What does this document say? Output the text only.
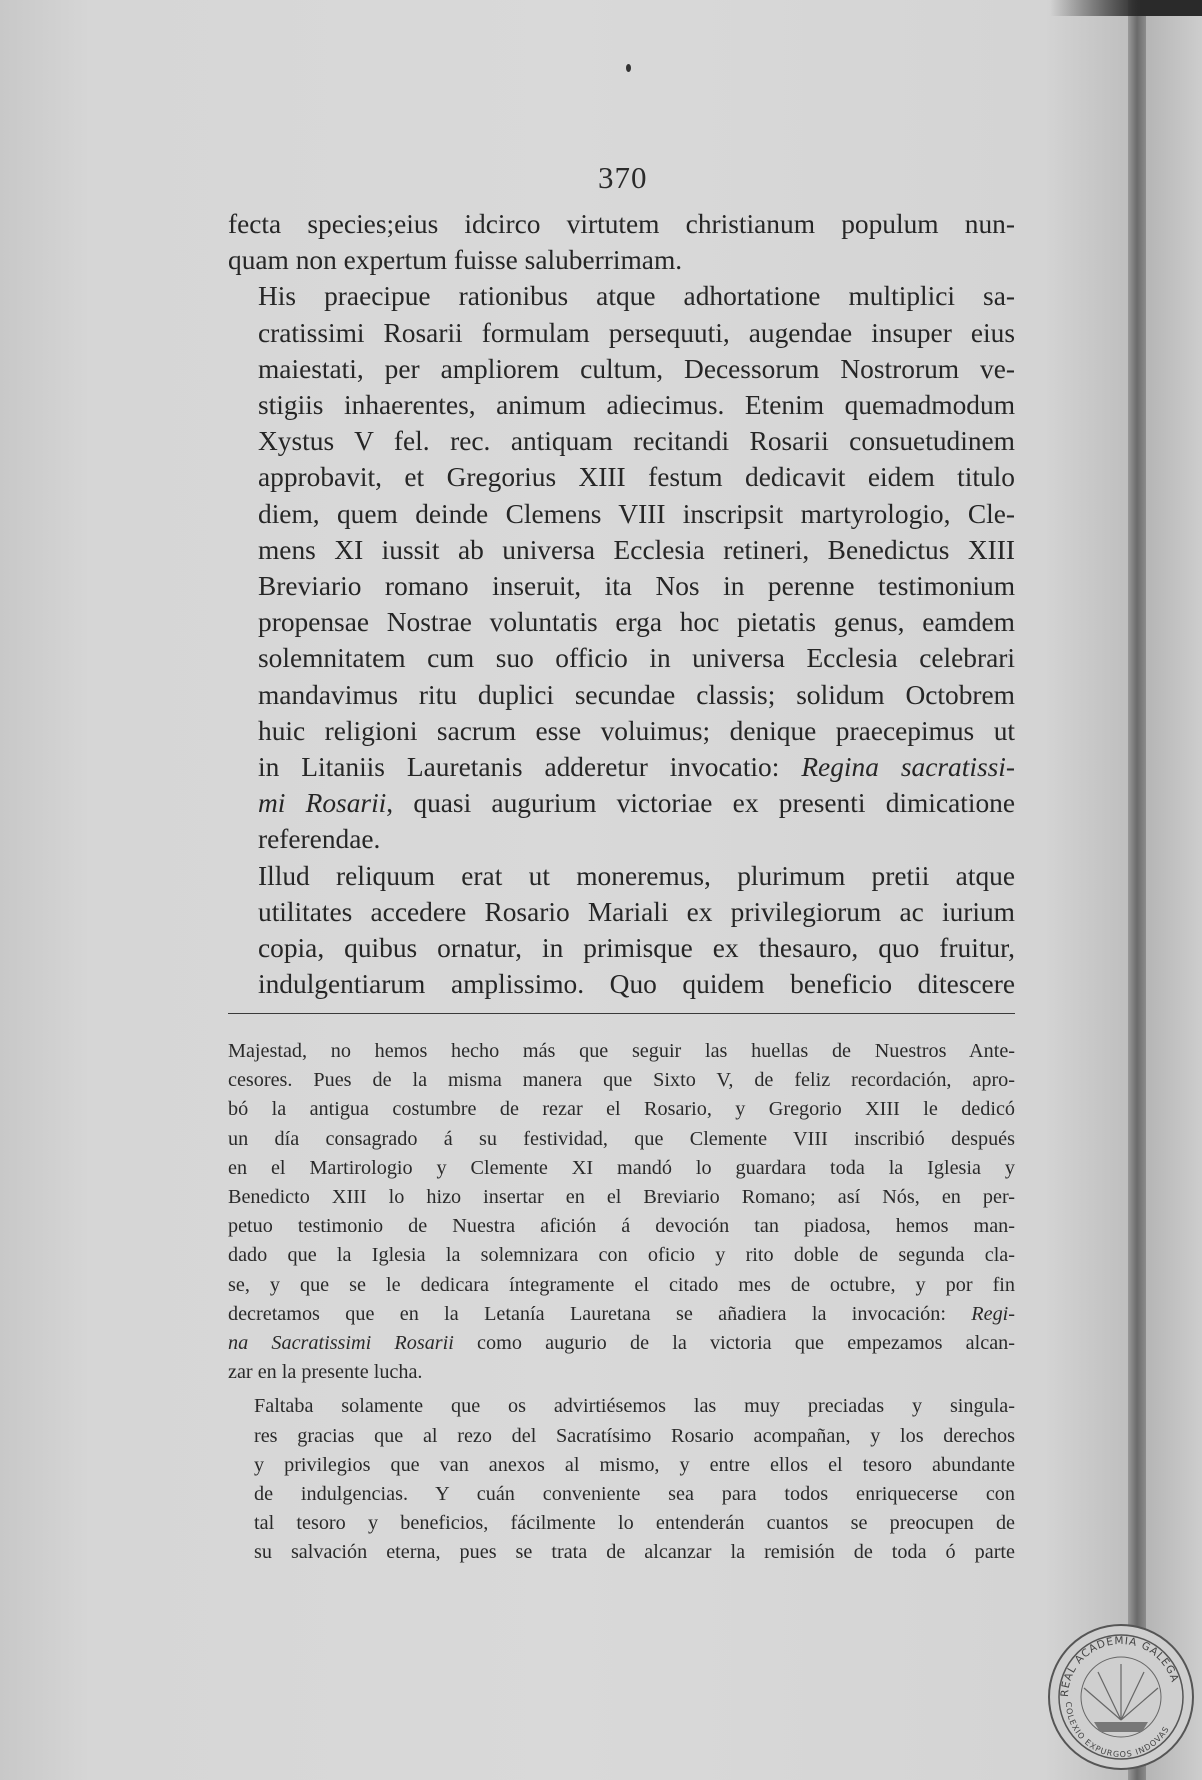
370

fecta species;eius idcirco virtutem christianum populum nun-
quam non expertum fuisse saluberrimam.

His praecipue rationibus atque adhortatione multiplici sa-
cratissimi Rosarii formulam persequuti, augendae insuper eius
maiestati, per ampliorem cultum, Decessorum Nostrorum ve-
stigiis inhaerentes, animum adiecimus. Etenim quemadmodum
Xystus V fel. rec. antiquam recitandi Rosarii consuetudinem
approbavit, et Gregorius XIII festum dedicavit eidem titulo
diem, quem deinde Clemens VIII inscripsit martyrologio, Cle-
mens XI iussit ab universa Ecclesia retineri, Benedictus XIII
Breviario romano inseruit, ita Nos in perenne testimonium
propensae Nostrae voluntatis erga hoc pietatis genus, eamdem
solemnitatem cum suo officio in universa Ecclesia celebrari
mandavimus ritu duplici secundae classis; solidum Octobrem
huic religioni sacrum esse voluimus; denique praecepimus ut
in Litaniis Lauretanis adderetur invocatio: Regina sacratissi-
mi Rosarii, quasi augurium victoriae ex presenti dimicatione
referendae.

Illud reliquum erat ut moneremus, plurimum pretii atque
utilitates accedere Rosario Mariali ex privilegiorum ac iurium
copia, quibus ornatur, in primisque ex thesauro, quo fruitur,
indulgentiarum amplissimo. Quo quidem beneficio ditescere

Majestad, no hemos hecho más que seguir las huellas de Nuestros Ante-
cesores. Pues de la misma manera que Sixto V, de feliz recordación, apro-
bó la antigua costumbre de rezar el Rosario, y Gregorio XIII le dedicó
un día consagrado á su festividad, que Clemente VIII inscribió después
en el Martirologio y Clemente XI mandó lo guardara toda la Iglesia y
Benedicto XIII lo hizo insertar en el Breviario Romano; así Nós, en per-
petuo testimonio de Nuestra afición á devoción tan piadosa, hemos man-
dado que la Iglesia la solemnizara con oficio y rito doble de segunda cla-
se, y que se le dedicara íntegramente el citado mes de octubre, y por fin
decretamos que en la Letanía Lauretana se añadiera la invocación: Regi-
na Sacratissimi Rosarii como augurio de la victoria que empezamos alcan-
zar en la presente lucha.

Faltaba solamente que os advirtiésemos las muy preciadas y singula-
res gracias que al rezo del Sacratísimo Rosario acompañan, y los derechos
y privilegios que van anexos al mismo, y entre ellos el tesoro abundante
de indulgencias. Y cuán conveniente sea para todos enriquecerse con
tal tesoro y beneficios, fácilmente lo entenderán cuantos se preocupen de
su salvación eterna, pues se trata de alcanzar la remisión de toda ó parte

REAL ACADEMIA GALEGA
COLEXIO EXPURGOS INDOVAS
